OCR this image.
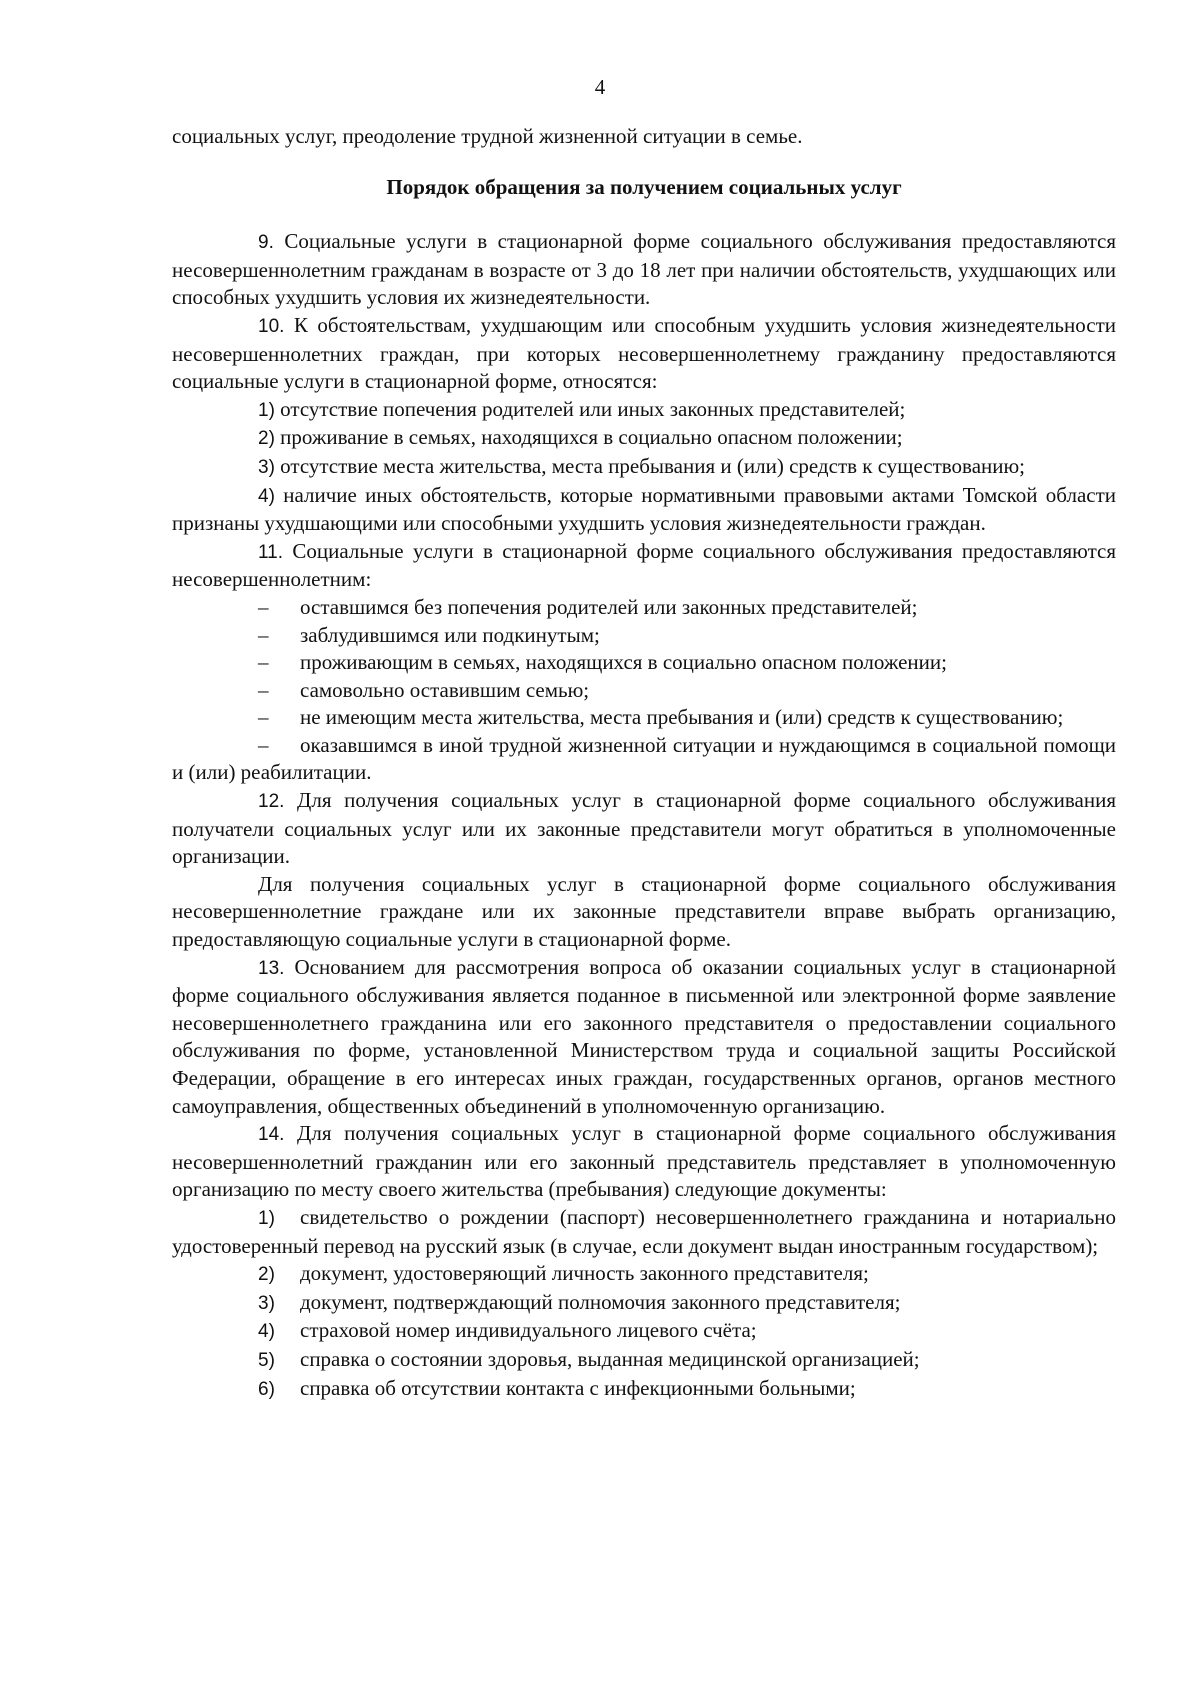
4

социальных услуг, преодоление трудной жизненной ситуации в семье.

Порядок обращения за получением социальных услуг

9. Социальные услуги в стационарной форме социального обслуживания предоставляются несовершеннолетним гражданам в возрасте от 3 до 18 лет при наличии обстоятельств, ухудшающих или способных ухудшить условия их жизнедеятельности.

10. К обстоятельствам, ухудшающим или способным ухудшить условия жизнедеятельности несовершеннолетних граждан, при которых несовершеннолетнему гражданину предоставляются социальные услуги в стационарной форме, относятся:

1) отсутствие попечения родителей или иных законных представителей;

2) проживание в семьях, находящихся в социально опасном положении;

3) отсутствие места жительства, места пребывания и (или) средств к существованию;

4) наличие иных обстоятельств, которые нормативными правовыми актами Томской области признаны ухудшающими или способными ухудшить условия жизнедеятельности граждан.

11. Социальные услуги в стационарной форме социального обслуживания предоставляются несовершеннолетним:

– оставшимся без попечения родителей или законных представителей;

– заблудившимся или подкинутым;

– проживающим в семьях, находящихся в социально опасном положении;

– самовольно оставившим семью;

– не имеющим места жительства, места пребывания и (или) средств к существованию;

– оказавшимся в иной трудной жизненной ситуации и нуждающимся в социальной помощи и (или) реабилитации.

12. Для получения социальных услуг в стационарной форме социального обслуживания получатели социальных услуг или их законные представители могут обратиться в уполномоченные организации.

Для получения социальных услуг в стационарной форме социального обслуживания несовершеннолетние граждане или их законные представители вправе выбрать организацию, предоставляющую социальные услуги в стационарной форме.

13. Основанием для рассмотрения вопроса об оказании социальных услуг в стационарной форме социального обслуживания является поданное в письменной или электронной форме заявление несовершеннолетнего гражданина или его законного представителя о предоставлении социального обслуживания по форме, установленной Министерством труда и социальной защиты Российской Федерации, обращение в его интересах иных граждан, государственных органов, органов местного самоуправления, общественных объединений в уполномоченную организацию.

14. Для получения социальных услуг в стационарной форме социального обслуживания несовершеннолетний гражданин или его законный представитель представляет в уполномоченную организацию по месту своего жительства (пребывания) следующие документы:

1) свидетельство о рождении (паспорт) несовершеннолетнего гражданина и нотариально удостоверенный перевод на русский язык (в случае, если документ выдан иностранным государством);

2) документ, удостоверяющий личность законного представителя;

3) документ, подтверждающий полномочия законного представителя;

4) страховой номер индивидуального лицевого счёта;

5) справка о состоянии здоровья, выданная медицинской организацией;

6) справка об отсутствии контакта с инфекционными больными;
